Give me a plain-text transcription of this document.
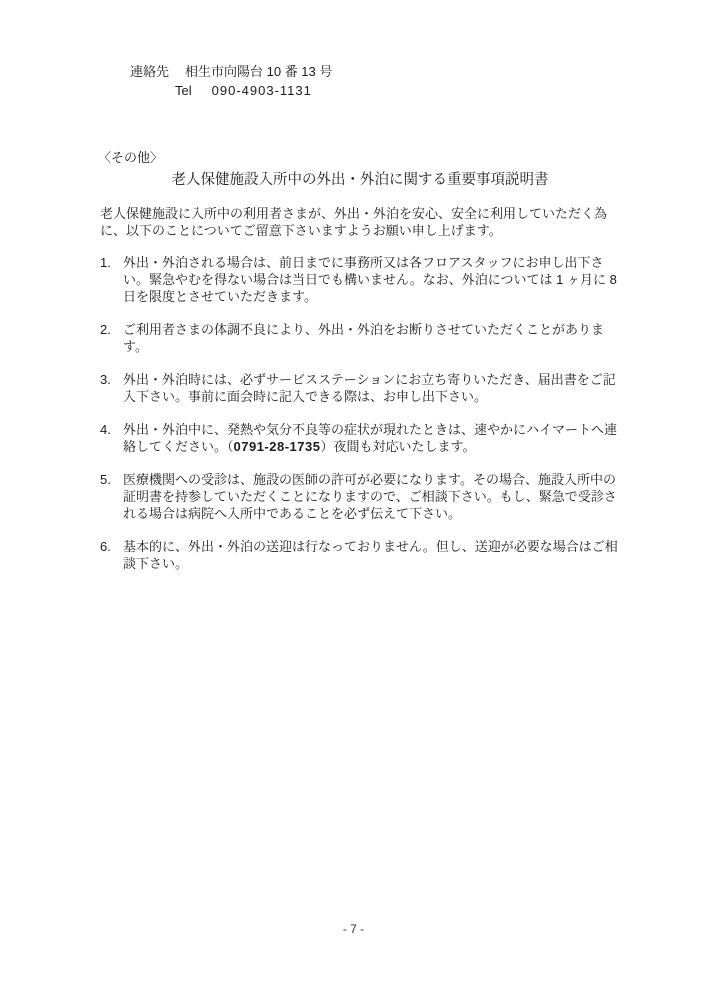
連絡先 相生市向陽台 10 番 13 号
Tel 090-4903-1131
〈その他〉
老人保健施設入所中の外出・外泊に関する重要事項説明書

老人保健施設に入所中の利用者さまが、外出・外泊を安心、安全に利用していただく為に、以下のことについてご留意下さいますようお願い申し上げます。

1. 外出・外泊される場合は、前日までに事務所又は各フロアスタッフにお申し出下さい。緊急やむを得ない場合は当日でも構いません。なお、外泊については 1 ヶ月に 8 日を限度とさせていただきます。
2. ご利用者さまの体調不良により、外出・外泊をお断りさせていただくことがあります。
3. 外出・外泊時には、必ずサービスステーションにお立ち寄りいただき、届出書をご記入下さい。事前に面会時に記入できる際は、お申し出下さい。
4. 外出・外泊中に、発熱や気分不良等の症状が現れたときは、速やかにハイマートへ連絡してください。（0791-28-1735）夜間も対応いたします。
5. 医療機関への受診は、施設の医師の許可が必要になります。その場合、施設入所中の証明書を持参していただくことになりますので、ご相談下さい。もし、緊急で受診される場合は病院へ入所中であることを必ず伝えて下さい。
6. 基本的に、外出・外泊の送迎は行なっておりません。但し、送迎が必要な場合はご相談下さい。
- 7 -
